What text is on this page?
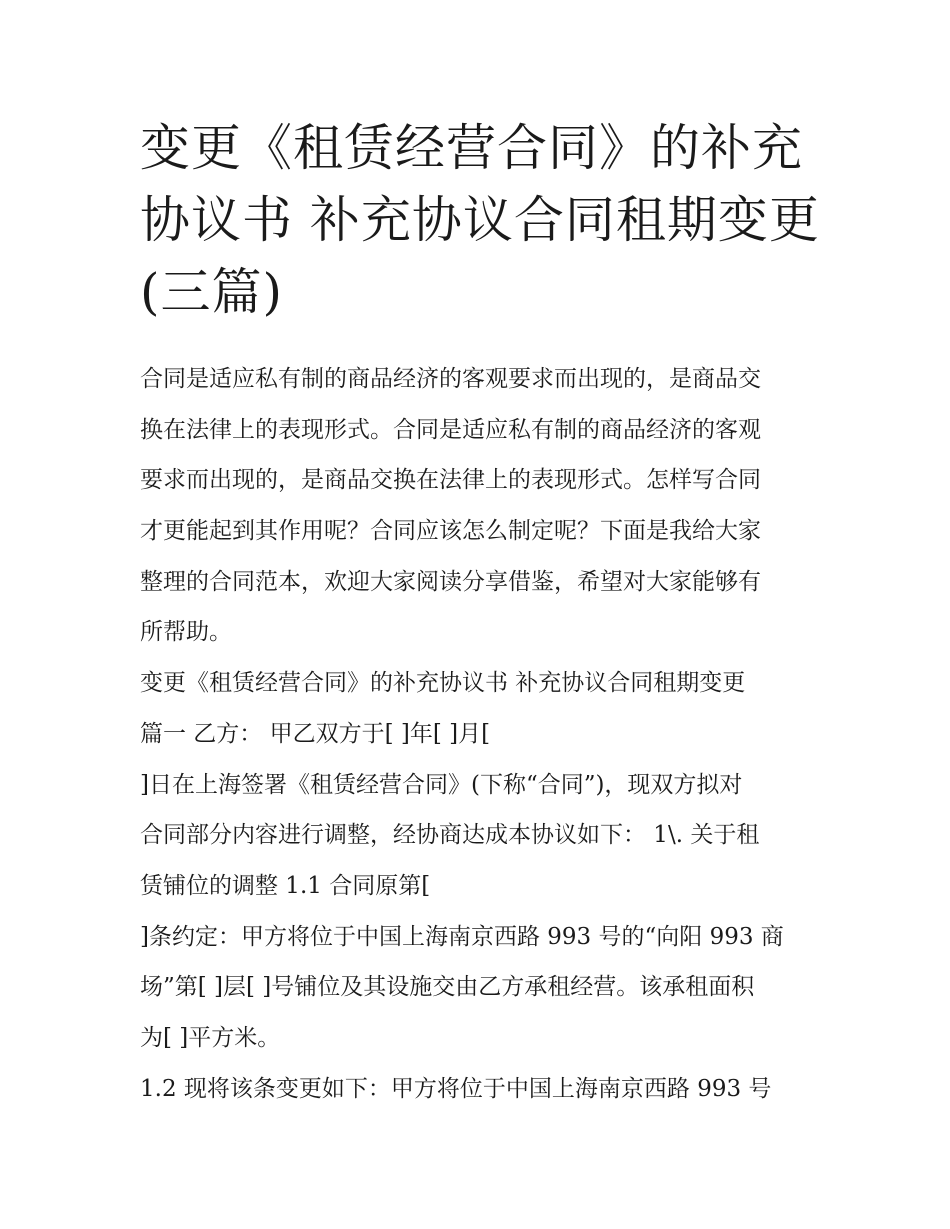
变更《租赁经营合同》的补充
协议书 补充协议合同租期变更
(三篇)
合同是适应私有制的商品经济的客观要求而出现的，是商品交
换在法律上的表现形式。合同是适应私有制的商品经济的客观
要求而出现的，是商品交换在法律上的表现形式。怎样写合同
才更能起到其作用呢？合同应该怎么制定呢？下面是我给大家
整理的合同范本，欢迎大家阅读分享借鉴，希望对大家能够有
所帮助。
变更《租赁经营合同》的补充协议书 补充协议合同租期变更
篇一 乙方： 甲乙双方于[ ]年[ ]月[
]日在上海签署《租赁经营合同》(下称“合同”)，现双方拟对
合同部分内容进行调整，经协商达成本协议如下： 1\. 关于租
赁铺位的调整 1.1 合同原第[
]条约定：甲方将位于中国上海南京西路 993 号的“向阳 993 商
场”第[ ]层[ ]号铺位及其设施交由乙方承租经营。该承租面积
为[ ]平方米。
1.2 现将该条变更如下：甲方将位于中国上海南京西路 993 号
